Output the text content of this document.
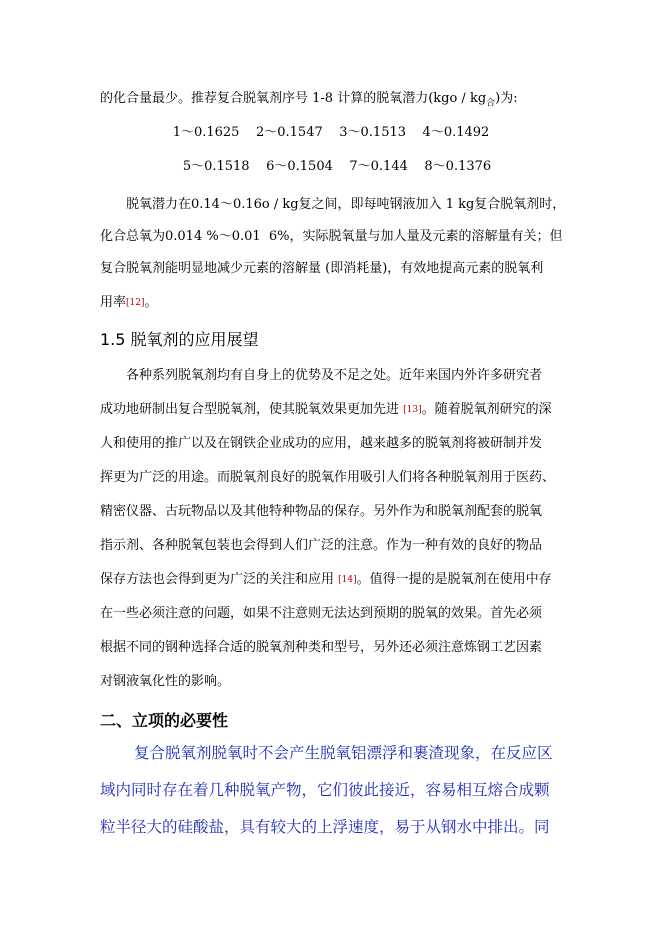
的化合量最少。推荐复合脱氧剂序号 1-8 计算的脱氧潜力$(kgo / kg_合)$为:
1～0.1625    2～0.1547    3～0.1513    4～0.1492
5～0.1518    6～0.1504    7～0.144    8～0.1376
脱氧潜力在0.14～0.16o / kg复之间，即每吨钢液加入 1 kg复合脱氧剂时，
化合总氧为0.014 %～0.01  6%，实际脱氧量与加人量及元素的溶解量有关；但
复合脱氧剂能明显地减少元素的溶解量 (即消耗量)，有效地提高元素的脱氧利
用率[12]。
1.5 脱氧剂的应用展望
各种系列脱氧剂均有自身上的优势及不足之处。近年来国内外许多研究者
成功地研制出复合型脱氧剂，使其脱氧效果更加先进 [13]。随着脱氧剂研究的深
人和使用的推广以及在钢铁企业成功的应用，越来越多的脱氧剂将被研制并发
挥更为广泛的用途。而脱氧剂良好的脱氧作用吸引人们将各种脱氧剂用于医药、
精密仪器、古玩物品以及其他特种物品的保存。另外作为和脱氧剂配套的脱氧
指示剂、各种脱氧包装也会得到人们广泛的注意。作为一种有效的良好的物品
保存方法也会得到更为广泛的关注和应用 [14]。值得一提的是脱氧剂在使用中存
在一些必须注意的问题，如果不注意则无法达到预期的脱氧的效果。首先必须
根据不同的钢种选择合适的脱氧剂种类和型号，另外还必须注意炼钢工艺因素
对钢液氧化性的影响。
二、立项的必要性
复合脱氧剂脱氧时不会产生脱氧铝漂浮和裹渣现象，在反应区
域内同时存在着几种脱氧产物，它们彼此接近，容易相互熔合成颗
粒半径大的硅酸盐，具有较大的上浮速度，易于从钢水中排出。同
